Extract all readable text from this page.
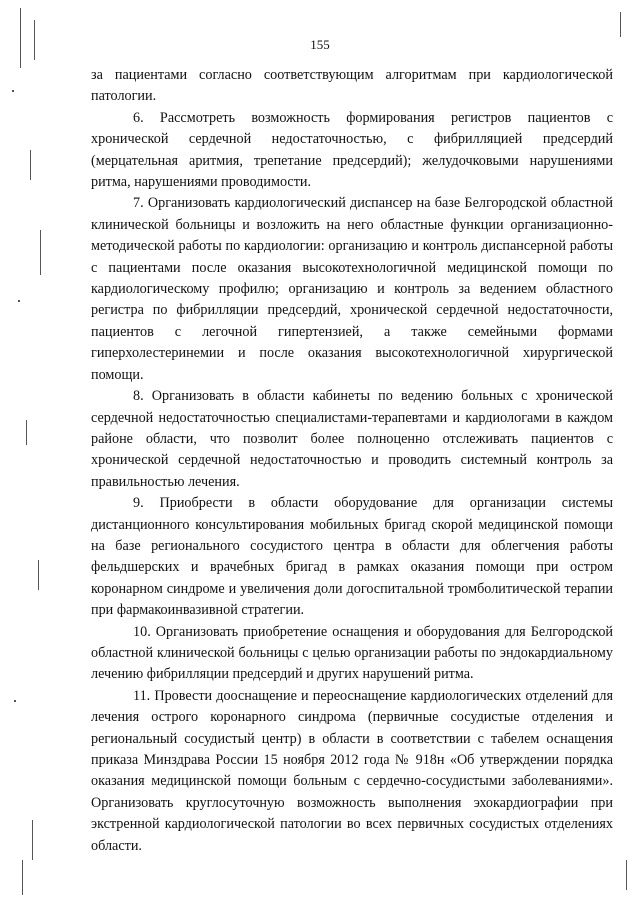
155

за пациентами согласно соответствующим алгоритмам при кардиологической патологии.

6. Рассмотреть возможность формирования регистров пациентов с хронической сердечной недостаточностью, с фибрилляцией предсердий (мерцательная аритмия, трепетание предсердий); желудочковыми нарушениями ритма, нарушениями проводимости.

7. Организовать кардиологический диспансер на базе Белгородской областной клинической больницы и возложить на него областные функции организационно-методической работы по кардиологии: организацию и контроль диспансерной работы с пациентами после оказания высокотехнологичной медицинской помощи по кардиологическому профилю; организацию и контроль за ведением областного регистра по фибрилляции предсердий, хронической сердечной недостаточности, пациентов с легочной гипертензией, а также семейными формами гиперхолестеринемии и после оказания высокотехнологичной хирургической помощи.

8. Организовать в области кабинеты по ведению больных с хронической сердечной недостаточностью специалистами-терапевтами и кардиологами в каждом районе области, что позволит более полноценно отслеживать пациентов с хронической сердечной недостаточностью и проводить системный контроль за правильностью лечения.

9. Приобрести в области оборудование для организации системы дистанционного консультирования мобильных бригад скорой медицинской помощи на базе регионального сосудистого центра в области для облегчения работы фельдшерских и врачебных бригад в рамках оказания помощи при остром коронарном синдроме и увеличения доли догоспитальной тромболитической терапии при фармакоинвазивной стратегии.

10. Организовать приобретение оснащения и оборудования для Белгородской областной клинической больницы с целью организации работы по эндокардиальному лечению фибрилляции предсердий и других нарушений ритма.

11. Провести дооснащение и переоснащение кардиологических отделений для лечения острого коронарного синдрома (первичные сосудистые отделения и региональный сосудистый центр) в области в соответствии с табелем оснащения приказа Минздрава России 15 ноября 2012 года № 918н «Об утверждении порядка оказания медицинской помощи больным с сердечно-сосудистыми заболеваниями». Организовать круглосуточную возможность выполнения эхокардиографии при экстренной кардиологической патологии во всех первичных сосудистых отделениях области.
